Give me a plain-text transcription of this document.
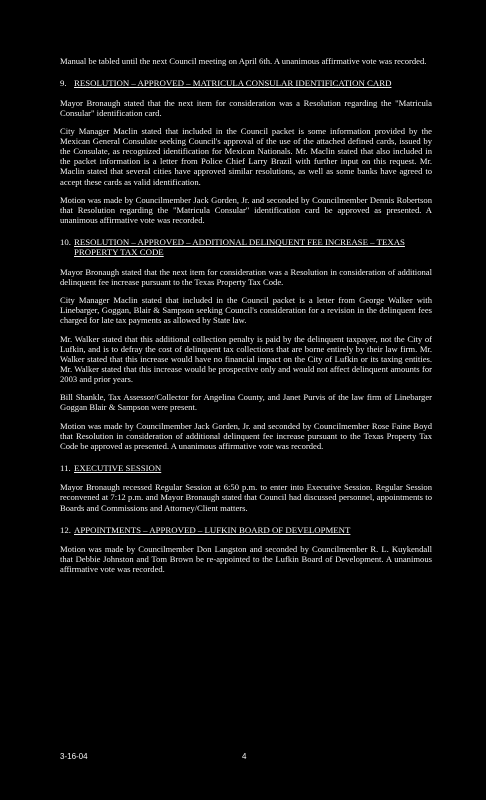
Manual be tabled until the next Council meeting on April 6th. A unanimous affirmative vote was recorded.

9. RESOLUTION – APPROVED – MATRICULA CONSULAR IDENTIFICATION CARD

Mayor Bronaugh stated that the next item for consideration was a Resolution regarding the "Matricula Consular" identification card.

City Manager Maclin stated that included in the Council packet is some information provided by the Mexican General Consulate seeking Council's approval of the use of the attached defined cards, issued by the Consulate, as recognized identification for Mexican Nationals. Mr. Maclin stated that also included in the packet information is a letter from Police Chief Larry Brazil with further input on this request. Mr. Maclin stated that several cities have approved similar resolutions, as well as some banks have agreed to accept these cards as valid identification.

Motion was made by Councilmember Jack Gorden, Jr. and seconded by Councilmember Dennis Robertson that Resolution regarding the "Matricula Consular" identification card be approved as presented. A unanimous affirmative vote was recorded.

10. RESOLUTION – APPROVED – ADDITIONAL DELINQUENT FEE INCREASE – TEXAS PROPERTY TAX CODE

Mayor Bronaugh stated that the next item for consideration was a Resolution in consideration of additional delinquent fee increase pursuant to the Texas Property Tax Code.

City Manager Maclin stated that included in the Council packet is a letter from George Walker with Linebarger, Goggan, Blair & Sampson seeking Council's consideration for a revision in the delinquent fees charged for late tax payments as allowed by State law.

Mr. Walker stated that this additional collection penalty is paid by the delinquent taxpayer, not the City of Lufkin, and is to defray the cost of delinquent tax collections that are borne entirely by their law firm. Mr. Walker stated that this increase would have no financial impact on the City of Lufkin or its taxing entities. Mr. Walker stated that this increase would be prospective only and would not affect delinquent amounts for 2003 and prior years.

Bill Shankle, Tax Assessor/Collector for Angelina County, and Janet Purvis of the law firm of Linebarger Goggan Blair & Sampson were present.

Motion was made by Councilmember Jack Gorden, Jr. and seconded by Councilmember Rose Faine Boyd that Resolution in consideration of additional delinquent fee increase pursuant to the Texas Property Tax Code be approved as presented. A unanimous affirmative vote was recorded.

11. EXECUTIVE SESSION

Mayor Bronaugh recessed Regular Session at 6:50 p.m. to enter into Executive Session. Regular Session reconvened at 7:12 p.m. and Mayor Bronaugh stated that Council had discussed personnel, appointments to Boards and Commissions and Attorney/Client matters.

12. APPOINTMENTS – APPROVED – LUFKIN BOARD OF DEVELOPMENT

Motion was made by Councilmember Don Langston and seconded by Councilmember R. L. Kuykendall that Debbie Johnston and Tom Brown be re-appointed to the Lufkin Board of Development. A unanimous affirmative vote was recorded.

3-16-04	4
